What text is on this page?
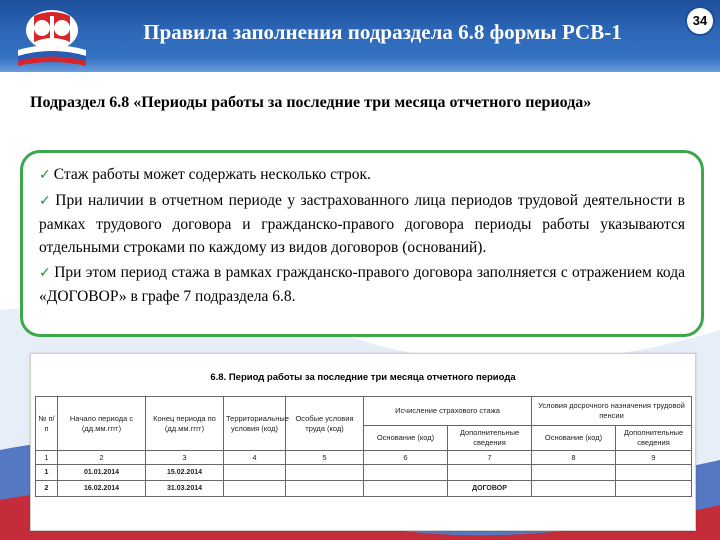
Правила заполнения подраздела 6.8 формы РСВ-1	34
Подраздел 6.8 «Периоды работы за последние три месяца отчетного периода»
✓ Стаж работы может содержать несколько строк.
✓ При наличии в отчетном периоде у застрахованного лица периодов трудовой деятельности в рамках трудового договора и гражданско-правого договора периоды работы указываются отдельными строками по каждому из видов договоров (оснований).
✓ При этом период стажа в рамках гражданско-правого договора заполняется с отражением кода «ДОГОВОР» в графе 7 подраздела 6.8.
6.8. Период работы за последние три месяца отчетного периода
№ п/п	Начало периода с (дд.мм.гггг)	Конец периода по (дд.мм.гггг)	Территориальные условия (код)	Особые условия труда (код)	Исчисление страхового стажа		Условия досрочного назначения трудовой пенсии	
					Основание (код)	Дополнительные сведения	Основание (код)	Дополнительные сведения
1	2	3	4	5	6	7	8	9
1	01.01.2014	15.02.2014						
2	16.02.2014	31.03.2014				ДОГОВОР		
